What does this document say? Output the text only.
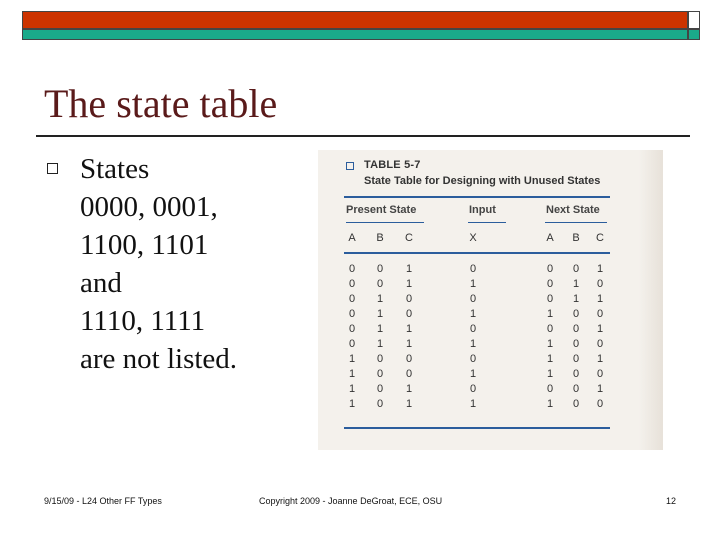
The state table
States
0000, 0001,
1100, 1101
and
1110, 1111
are not listed.
TABLE 5-7
State Table for Designing with Unused States
Present State	Input	Next State
A	B	C	X	A	B	C
0	0	1	0	0	0	1
0	0	1	1	0	1	0
0	1	0	0	0	1	1
0	1	0	1	1	0	0
0	1	1	0	0	0	1
0	1	1	1	1	0	0
1	0	0	0	1	0	1
1	0	0	1	1	0	0
1	0	1	0	0	0	1
1	0	1	1	1	0	0
9/15/09 - L24 Other FF Types	Copyright 2009 - Joanne DeGroat, ECE, OSU	12
